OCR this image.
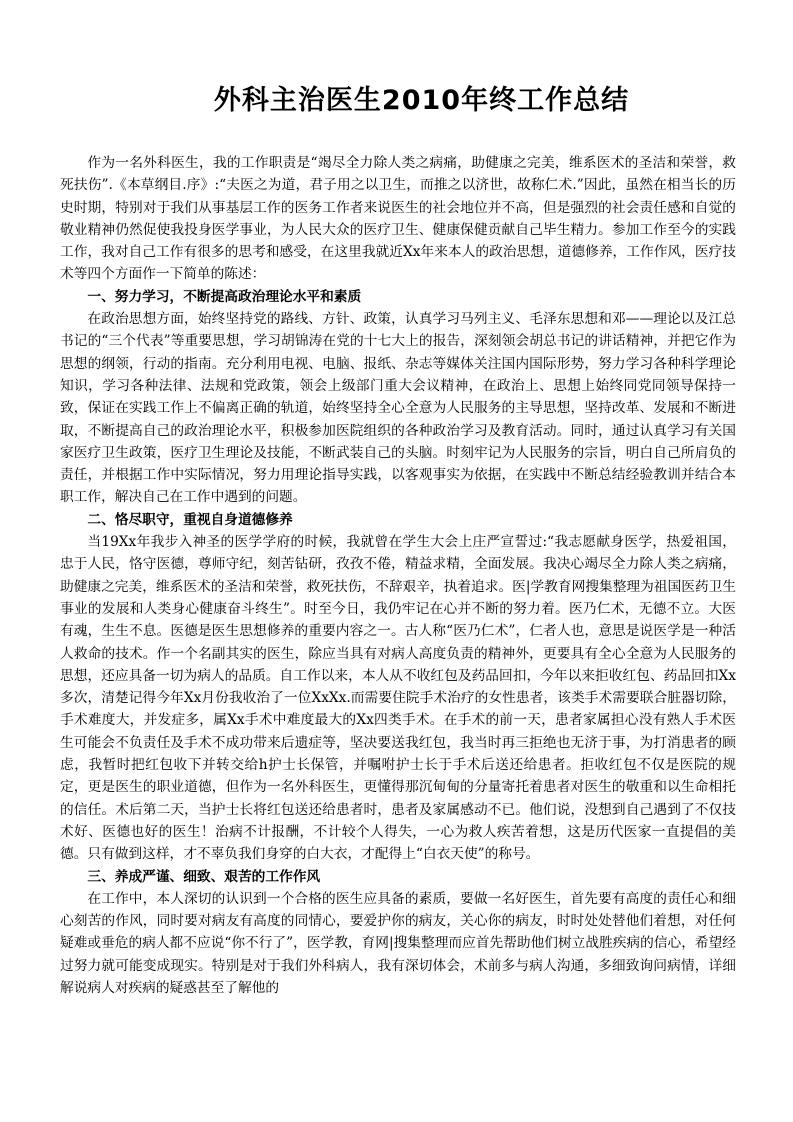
外科主治医生2010年终工作总结

作为一名外科医生，我的工作职责是“竭尽全力除人类之病痛，助健康之完美，维系医术的圣洁和荣誉，救死扶伤”.《本草纲目.序》:“夫医之为道，君子用之以卫生，而推之以济世，故称仁术.”因此，虽然在相当长的历史时期，特别对于我们从事基层工作的医务工作者来说医生的社会地位并不高，但是强烈的社会责任感和自觉的敬业精神仍然促使我投身医学事业，为人民大众的医疗卫生、健康保健贡献自己毕生精力。参加工作至今的实践工作，我对自己工作有很多的思考和感受，在这里我就近Xx年来本人的政治思想，道德修养，工作作风，医疗技术等四个方面作一下简单的陈述：

一、努力学习，不断提高政治理论水平和素质

在政治思想方面，始终坚持党的路线、方针、政策，认真学习马列主义、毛泽东思想和邓——理论以及江总书记的“三个代表”等重要思想，学习胡锦涛在党的十七大上的报告，深刻领会胡总书记的讲话精神，并把它作为思想的纲领，行动的指南。充分利用电视、电脑、报纸、杂志等媒体关注国内国际形势，努力学习各种科学理论知识，学习各种法律、法规和党政策，领会上级部门重大会议精神，在政治上、思想上始终同党同领导保持一致，保证在实践工作上不偏离正确的轨道，始终坚持全心全意为人民服务的主导思想，坚持改革、发展和不断进取，不断提高自己的政治理论水平，积极参加医院组织的各种政治学习及教育活动。同时，通过认真学习有关国家医疗卫生政策，医疗卫生理论及技能，不断武装自己的头脑。时刻牢记为人民服务的宗旨，明白自己所肩负的责任，并根据工作中实际情况，努力用理论指导实践，以客观事实为依据，在实践中不断总结经验教训并结合本职工作，解决自己在工作中遇到的问题。

二、恪尽职守，重视自身道德修养

当19Xx年我步入神圣的医学学府的时候，我就曾在学生大会上庄严宣誓过:“我志愿献身医学，热爱祖国，忠于人民，恪守医德，尊师守纪，刻苦钻研，孜孜不倦，精益求精，全面发展。我决心竭尽全力除人类之病痛，助健康之完美，维系医术的圣洁和荣誉，救死扶伤，不辞艰辛，执着追求。医|学教育网搜集整理为祖国医药卫生事业的发展和人类身心健康奋斗终生”。时至今日，我仍牢记在心并不断的努力着。医乃仁术，无德不立。大医有魂，生生不息。医德是医生思想修养的重要内容之一。古人称“医乃仁术”，仁者人也，意思是说医学是一种活人救命的技术。作一个名副其实的医生，除应当具有对病人高度负责的精神外，更要具有全心全意为人民服务的思想，还应具备一切为病人的品质。自工作以来，本人从不收红包及药品回扣，今年以来拒收红包、药品回扣Xx多次，清楚记得今年Xx月份我收治了一位XxXx.而需要住院手术治疗的女性患者，该类手术需要联合脏器切除，手术难度大，并发症多，属Xx手术中难度最大的Xx四类手术。在手术的前一天，患者家属担心没有熟人手术医生可能会不负责任及手术不成功带来后遗症等，坚决要送我红包，我当时再三拒绝也无济于事，为打消患者的顾虑，我暂时把红包收下并转交给h护士长保管，并嘱咐护士长于手术后送还给患者。拒收红包不仅是医院的规定，更是医生的职业道德，但作为一名外科医生，更懂得那沉甸甸的分量寄托着患者对医生的敬重和以生命相托的信任。术后第二天，当护士长将红包送还给患者时，患者及家属感动不已。他们说，没想到自己遇到了不仅技术好、医德也好的医生！治病不计报酬，不计较个人得失，一心为救人疾苦着想，这是历代医家一直提倡的美德。只有做到这样，才不辜负我们身穿的白大衣，才配得上“白衣天使”的称号。

三、养成严谨、细致、艰苦的工作作风

在工作中，本人深切的认识到一个合格的医生应具备的素质，要做一名好医生，首先要有高度的责任心和细心刻苦的作风，同时要对病友有高度的同情心，要爱护你的病友，关心你的病友，时时处处替他们着想，对任何疑难或垂危的病人都不应说“你不行了”，医学教，育网|搜集整理而应首先帮助他们树立战胜疾病的信心，希望经过努力就可能变成现实。特别是对于我们外科病人，我有深切体会，术前多与病人沟通，多细致询问病情，详细解说病人对疾病的疑惑甚至了解他的
